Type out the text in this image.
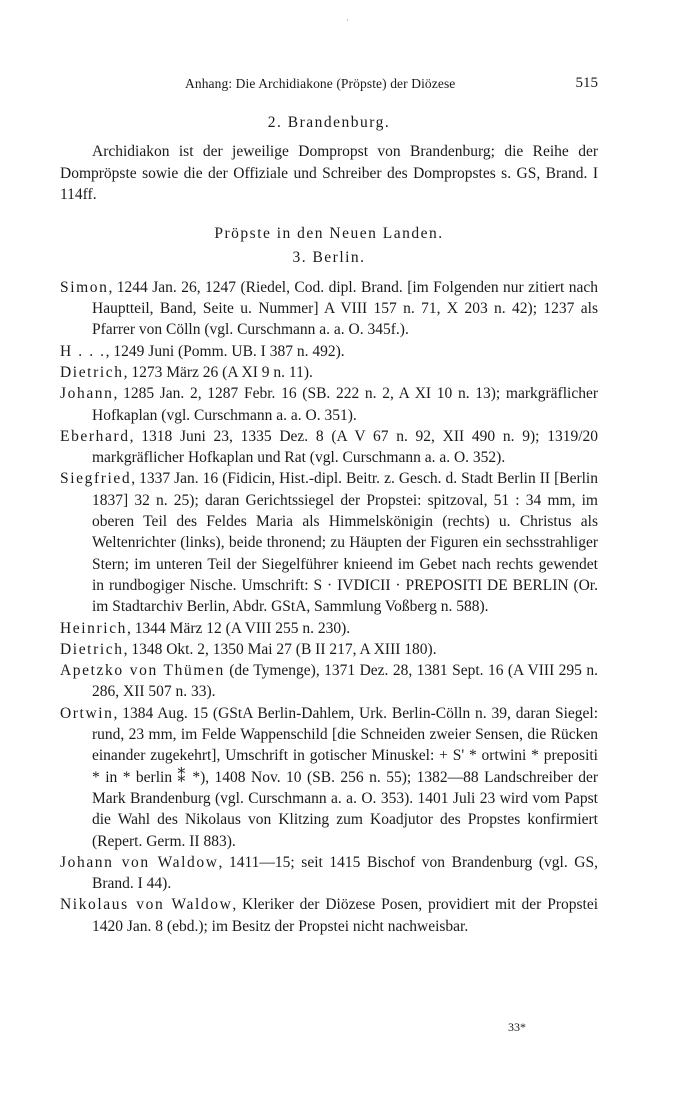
·
Anhang: Die Archidiakone (Pröpste) der Diözese	515
2. Brandenburg.

Archidiakon ist der jeweilige Dompropst von Brandenburg; die Reihe der Dompröpste sowie die der Offiziale und Schreiber des Dompropstes s. GS, Brand. I 114ff.

Pröpste in den Neuen Landen.
3. Berlin.

Simon, 1244 Jan. 26, 1247 (Riedel, Cod. dipl. Brand. [im Folgenden nur zitiert nach Hauptteil, Band, Seite u. Nummer] A VIII 157 n. 71, X 203 n. 42); 1237 als Pfarrer von Cölln (vgl. Curschmann a. a. O. 345f.).

H . . ., 1249 Juni (Pomm. UB. I 387 n. 492).

Dietrich, 1273 März 26 (A XI 9 n. 11).

Johann, 1285 Jan. 2, 1287 Febr. 16 (SB. 222 n. 2, A XI 10 n. 13); markgräflicher Hofkaplan (vgl. Curschmann a. a. O. 351).

Eberhard, 1318 Juni 23, 1335 Dez. 8 (A V 67 n. 92, XII 490 n. 9); 1319/20 markgräflicher Hofkaplan und Rat (vgl. Curschmann a. a. O. 352).

Siegfried, 1337 Jan. 16 (Fidicin, Hist.-dipl. Beitr. z. Gesch. d. Stadt Berlin II [Berlin 1837] 32 n. 25); daran Gerichtssiegel der Propstei: spitzoval, 51 : 34 mm, im oberen Teil des Feldes Maria als Himmelskönigin (rechts) u. Christus als Weltenrichter (links), beide thronend; zu Häupten der Figuren ein sechsstrahliger Stern; im unteren Teil der Siegelführer knieend im Gebet nach rechts gewendet in rundbogiger Nische. Umschrift: S · IVDICII · PREPOSITI DE BERLIN (Or. im Stadtarchiv Berlin, Abdr. GStA, Sammlung Voßberg n. 588).

Heinrich, 1344 März 12 (A VIII 255 n. 230).

Dietrich, 1348 Okt. 2, 1350 Mai 27 (B II 217, A XIII 180).

Apetzko von Thümen (de Tymenge), 1371 Dez. 28, 1381 Sept. 16 (A VIII 295 n. 286, XII 507 n. 33).

Ortwin, 1384 Aug. 15 (GStA Berlin-Dahlem, Urk. Berlin-Cölln n. 39, daran Siegel: rund, 23 mm, im Felde Wappenschild [die Schneiden zweier Sensen, die Rücken einander zugekehrt], Umschrift in gotischer Minuskel: + S' * ortwini * prepositi * in * berlin ⁑ *), 1408 Nov. 10 (SB. 256 n. 55); 1382—88 Landschreiber der Mark Brandenburg (vgl. Curschmann a. a. O. 353). 1401 Juli 23 wird vom Papst die Wahl des Nikolaus von Klitzing zum Koadjutor des Propstes konfirmiert (Repert. Germ. II 883).

Johann von Waldow, 1411—15; seit 1415 Bischof von Brandenburg (vgl. GS, Brand. I 44).

Nikolaus von Waldow, Kleriker der Diözese Posen, providiert mit der Propstei 1420 Jan. 8 (ebd.); im Besitz der Propstei nicht nachweisbar.

33*
